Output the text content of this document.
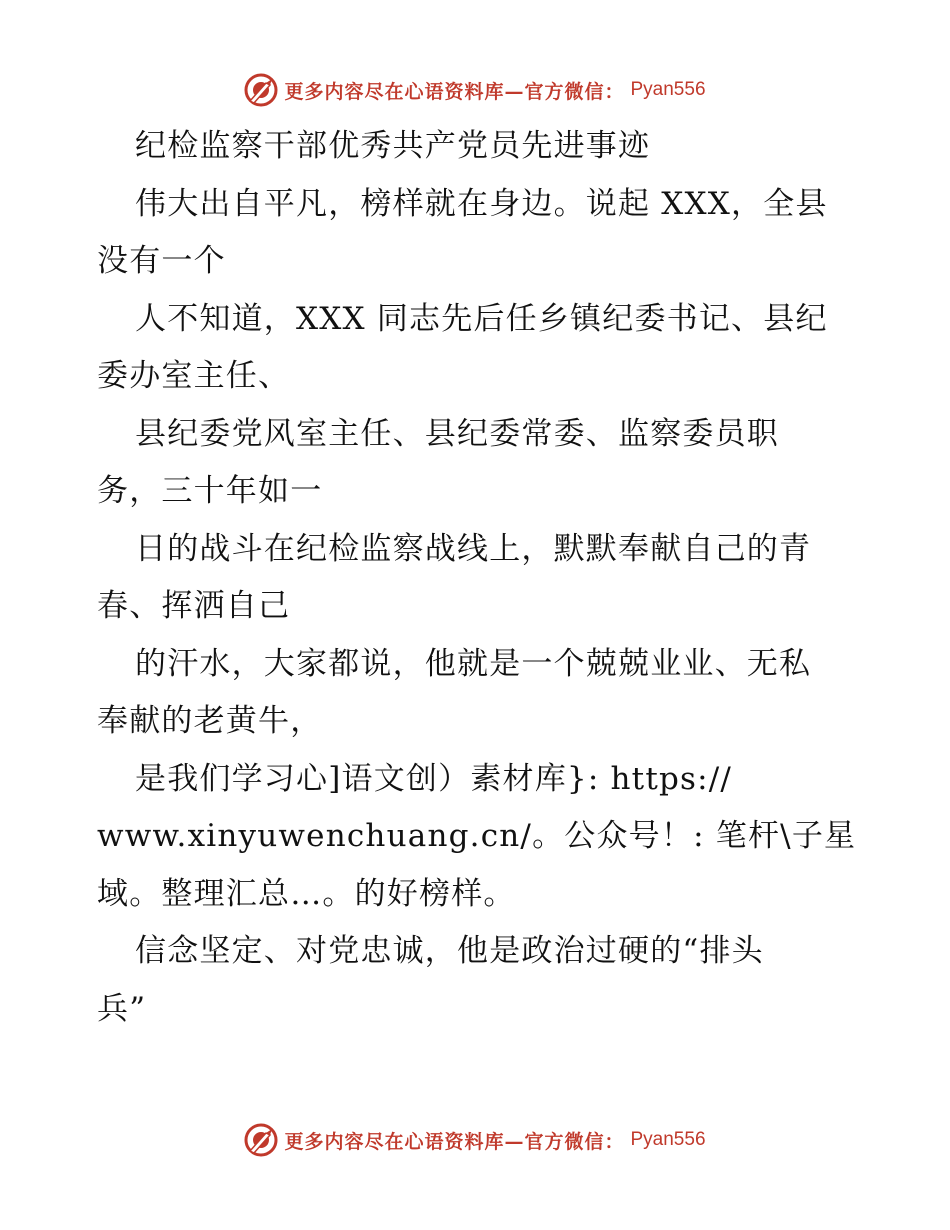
更多内容尽在心语资料库—官方微信： Pyan556
纪检监察干部优秀共产党员先进事迹
伟大出自平凡，榜样就在身边。说起 XXX，全县
没有一个
人不知道，XXX 同志先后任乡镇纪委书记、县纪
委办室主任、
县纪委党风室主任、县纪委常委、监察委员职
务，三十年如一
日的战斗在纪检监察战线上，默默奉献自己的青
春、挥洒自己
的汗水，大家都说，他就是一个兢兢业业、无私
奉献的老黄牛，
是我们学习心]语文创）素材库}: https://
www.xinyuwenchuang.cn/。公众号！: 笔杆\子星
域。整理汇总…。的好榜样。
信念坚定、对党忠诚，他是政治过硬的“排头
兵”
更多内容尽在心语资料库—官方微信： Pyan556
